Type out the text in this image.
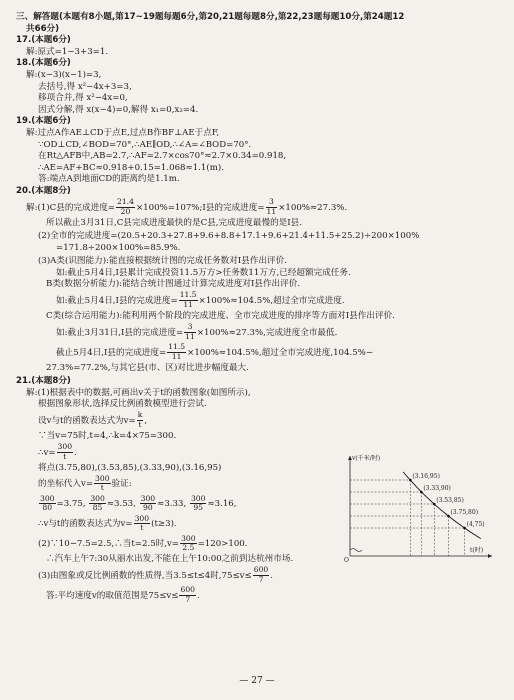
三、解答题(本题有8小题,第17~19题每题6分,第20,21题每题8分,第22,23题每题10分,第24题12
共66分)
17.(本题6分)
解:原式=1−3+3=1.
18.(本题6分)
解:(x−3)(x−1)=3,
去括号,得 x²−4x+3=3,
移项合并,得 x²−4x=0,
因式分解,得 x(x−4)=0,解得 x₁=0,x₂=4.
19.(本题6分)
解:过点A作AE⊥CD于点E,过点B作BF⊥AE于点F,
∵OD⊥CD,∠BOD=70°,∴AE∥OD,∴∠A=∠BOD=70°.
在Rt△AFB中,AB=2.7,∴AF=2.7×cos70°≈2.7×0.34=0.918,
∴AE=AF+BC≈0.918+0.15=1.068≈1.1(m).
答:端点A到地面CD的距离约是1.1m.
20.(本题8分)
解:(1)C县的完成进度= $\frac{21.4}{20}$ ×100%=107%;I县的完成进度= $\frac{3}{11} \times 100\%\approx 27.3\%$.
所以截止3月31日,C县完成进度最快的是C县,完成进度最慢的是I县.
(2)全市的完成进度=(20.5+20.3+27.8+9.6+8.8+17.1+9.6+21.4+11.5+25.2)÷200×100%
=171.8÷200×100%=85.9%.
(3)A类(识图能力):能直接根据统计图的完成任务数对I县作出评价.
如:截止5月4日,I县累计完成投资11.5万方>任务数11万方,已经超额完成任务.
B类(数据分析能力):能结合统计图通过计算完成进度对I县作出评价.
如:截止5月4日,I县的完成进度= $\frac{11.5}{11} \times 100\%\approx 104.5\%$,超过全市完成进度.
C类(综合运用能力):能利用两个阶段的完成进度、全市完成进度的排序等方面对I县作出评价.
如:截止3月31日,I县的完成进度= $\frac{3}{11} \times 100\%\approx 27.3\%$,完成进度全市最低.
截止5月4日,I县的完成进度= $\frac{11.5}{11} \times 100\%\approx 104.5\%$,超过全市完成进度,104.5%−
27.3%=77.2%,与其它县(市、区)对比进步幅度最大.
21.(本题8分)
解:(1)根据表中的数据,可画出v关于t的函数图象(如图所示),
根据图象形状,选择反比例函数模型进行尝试.
设v与t的函数表达式为$v= \frac{k}{t}$ ,
∵当v=75时,t=4,∴k=4×75=300.
∴v= $\frac{300}{t}$ .
将点(3.75,80),(3.53,85),(3.33,90),(3.16,95)
的坐标代入$v= \frac{300}{t}$ 验证:
$\frac{300}{80} =3.75$, $\frac{300}{85} \approx 3.53$, $\frac{300}{90} \approx 3.33$, $\frac{300}{95} \approx 3.16$,
∴v与t的函数表达式为$v= \frac{300}{t} (t\ge 3)$.
(2)∵10−7.5=2.5,∴当t=2.5时$,v= \frac{300}{2.5} =120>100$.
∴汽车上午7:30从丽水出发,不能在上午10:00之前到达杭州市场.
(3)由图象或反比例函数的性质得,当3.5≤t≤4时$,75\le v\le \frac{600}{7}$ .
答:平均速度v的取值范围是$75\le v\le \frac{600}{7}$ .
v(千米/时)
t(时)
O
(3.16,95)
(3.33,90)
(3.53,85)
(3.75,80)
(4,75)
— 27 —
